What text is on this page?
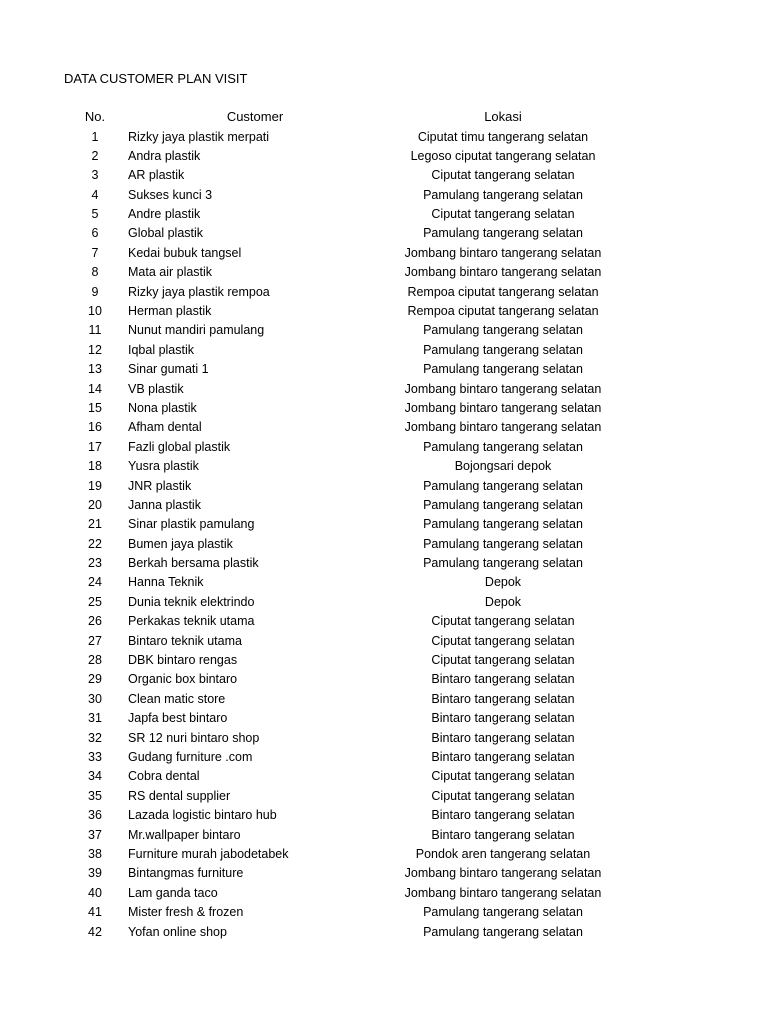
DATA CUSTOMER PLAN VISIT
No.	Customer	Lokasi
1	Rizky jaya plastik merpati	Ciputat timu tangerang selatan
2	Andra plastik	Legoso ciputat tangerang selatan
3	AR plastik	Ciputat tangerang selatan
4	Sukses kunci 3	Pamulang tangerang selatan
5	Andre plastik	Ciputat tangerang selatan
6	Global plastik	Pamulang tangerang selatan
7	Kedai bubuk tangsel	Jombang bintaro tangerang selatan
8	Mata air plastik	Jombang bintaro tangerang selatan
9	Rizky jaya plastik rempoa	Rempoa ciputat tangerang selatan
10	Herman plastik	Rempoa ciputat tangerang selatan
11	Nunut mandiri pamulang	Pamulang tangerang selatan
12	Iqbal plastik	Pamulang tangerang selatan
13	Sinar gumati 1	Pamulang tangerang selatan
14	VB plastik	Jombang bintaro tangerang selatan
15	Nona plastik	Jombang bintaro tangerang selatan
16	Afham dental	Jombang bintaro tangerang selatan
17	Fazli global plastik	Pamulang tangerang selatan
18	Yusra plastik	Bojongsari depok
19	JNR plastik	Pamulang tangerang selatan
20	Janna plastik	Pamulang tangerang selatan
21	Sinar plastik pamulang	Pamulang tangerang selatan
22	Bumen jaya plastik	Pamulang tangerang selatan
23	Berkah bersama plastik	Pamulang tangerang selatan
24	Hanna Teknik	Depok
25	Dunia teknik elektrindo	Depok
26	Perkakas teknik utama	Ciputat tangerang selatan
27	Bintaro teknik utama	Ciputat tangerang selatan
28	DBK bintaro rengas	Ciputat tangerang selatan
29	Organic box bintaro	Bintaro tangerang selatan
30	Clean matic store	Bintaro tangerang selatan
31	Japfa best bintaro	Bintaro tangerang selatan
32	SR 12 nuri bintaro shop	Bintaro tangerang selatan
33	Gudang furniture .com	Bintaro tangerang selatan
34	Cobra dental	Ciputat tangerang selatan
35	RS dental supplier	Ciputat tangerang selatan
36	Lazada logistic bintaro hub	Bintaro tangerang selatan
37	Mr.wallpaper bintaro	Bintaro tangerang selatan
38	Furniture murah jabodetabek	Pondok aren tangerang selatan
39	Bintangmas furniture	Jombang bintaro tangerang selatan
40	Lam ganda taco	Jombang bintaro tangerang selatan
41	Mister fresh & frozen	Pamulang tangerang selatan
42	Yofan online shop	Pamulang tangerang selatan
